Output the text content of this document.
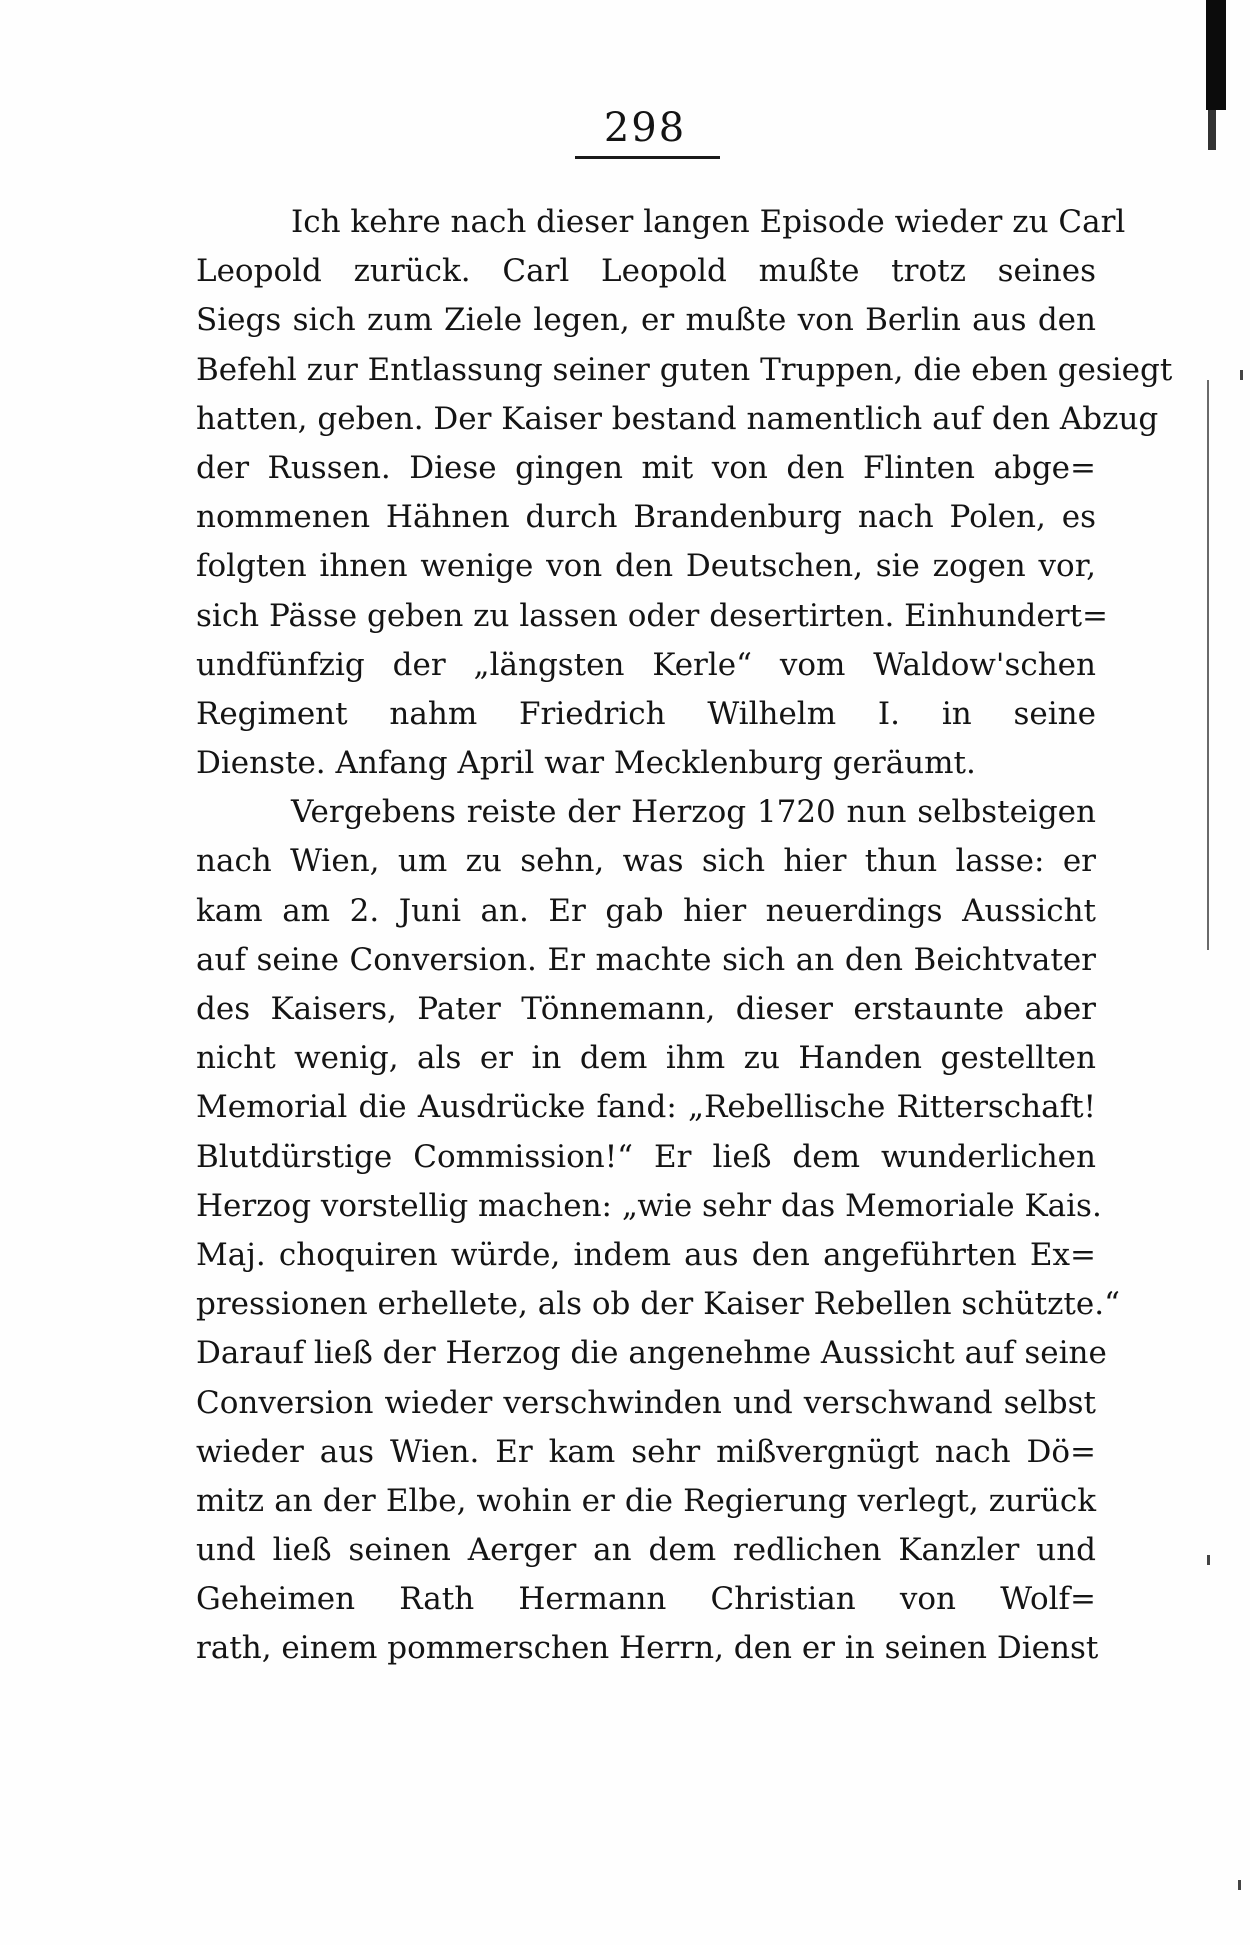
298
Ich kehre nach dieser langen Episode wieder zu Carl
Leopold zurück. Carl Leopold mußte trotz seines
Siegs sich zum Ziele legen, er mußte von Berlin aus den
Befehl zur Entlassung seiner guten Truppen, die eben gesiegt
hatten, geben. Der Kaiser bestand namentlich auf den Abzug
der Russen. Diese gingen mit von den Flinten abge=
nommenen Hähnen durch Brandenburg nach Polen, es
folgten ihnen wenige von den Deutschen, sie zogen vor,
sich Pässe geben zu lassen oder desertirten. Einhundert=
undfünfzig der „längsten Kerle“ vom Waldow'schen
Regiment nahm Friedrich Wilhelm I. in seine
Dienste. Anfang April war Mecklenburg geräumt.
Vergebens reiste der Herzog 1720 nun selbsteigen
nach Wien, um zu sehn, was sich hier thun lasse: er
kam am 2. Juni an. Er gab hier neuerdings Aussicht
auf seine Conversion. Er machte sich an den Beichtvater
des Kaisers, Pater Tönnemann, dieser erstaunte aber
nicht wenig, als er in dem ihm zu Handen gestellten
Memorial die Ausdrücke fand: „Rebellische Ritterschaft!
Blutdürstige Commission!“ Er ließ dem wunderlichen
Herzog vorstellig machen: „wie sehr das Memoriale Kais.
Maj. choquiren würde, indem aus den angeführten Ex=
pressionen erhellete, als ob der Kaiser Rebellen schützte.“
Darauf ließ der Herzog die angenehme Aussicht auf seine
Conversion wieder verschwinden und verschwand selbst
wieder aus Wien. Er kam sehr mißvergnügt nach Dö=
mitz an der Elbe, wohin er die Regierung verlegt, zurück
und ließ seinen Aerger an dem redlichen Kanzler und
Geheimen Rath Hermann Christian von Wolf=
rath, einem pommerschen Herrn, den er in seinen Dienst
